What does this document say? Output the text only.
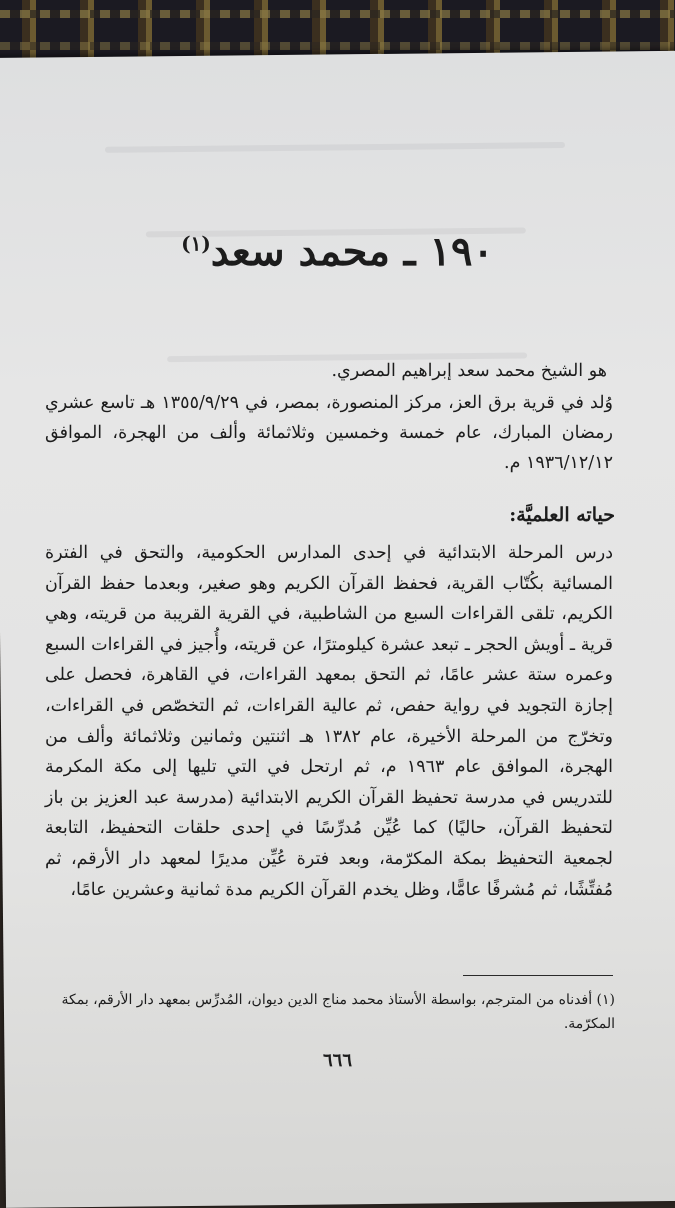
١٩٠ ـ محمد سعد$^{(١)}$
هو الشيخ محمد سعد إبراهيم المصري.
وُلد في قرية برق العز، مركز المنصورة، بمصر، في ١٣٥٥/٩/٢٩ هـ تاسع عشري رمضان المبارك، عام خمسة وخمسين وثلاثمائة وألف من الهجرة، الموافق ١٩٣٦/١٢/١٢ م.
حياته العلميَّة:
درس المرحلة الابتدائية في إحدى المدارس الحكومية، والتحق في الفترة المسائية بكُتّاب القرية، فحفظ القرآن الكريم وهو صغير، وبعدما حفظ القرآن الكريم، تلقى القراءات السبع من الشاطبية، في القرية القريبة من قريته، وهي قرية ـ أويش الحجر ـ تبعد عشرة كيلومترًا، عن قريته، وأُجيز في القراءات السبع وعمره ستة عشر عامًا، ثم التحق بمعهد القراءات، في القاهرة، فحصل على إجازة التجويد في رواية حفص، ثم عالية القراءات، ثم التخصّص في القراءات، وتخرّج من المرحلة الأخيرة، عام ١٣٨٢ هـ اثنتين وثمانين وثلاثمائة وألف من الهجرة، الموافق عام ١٩٦٣ م، ثم ارتحل في التي تليها إلى مكة المكرمة للتدريس في مدرسة تحفيظ القرآن الكريم الابتدائية (مدرسة عبد العزيز بن باز لتحفيظ القرآن، حاليًا) كما عُيِّن مُدرِّسًا في إحدى حلقات التحفيظ، التابعة لجمعية التحفيظ بمكة المكرّمة، وبعد فترة عُيِّن مديرًا لمعهد دار الأرقم، ثم مُفتِّشًا، ثم مُشرفًا عامًّا، وظل يخدم القرآن الكريم مدة ثمانية وعشرين عامًا،
(١) أفدناه من المترجم، بواسطة الأستاذ محمد مناج الدين ديوان، المُدرِّس بمعهد دار الأرقم، بمكة المكرّمة.
٦٦٦
